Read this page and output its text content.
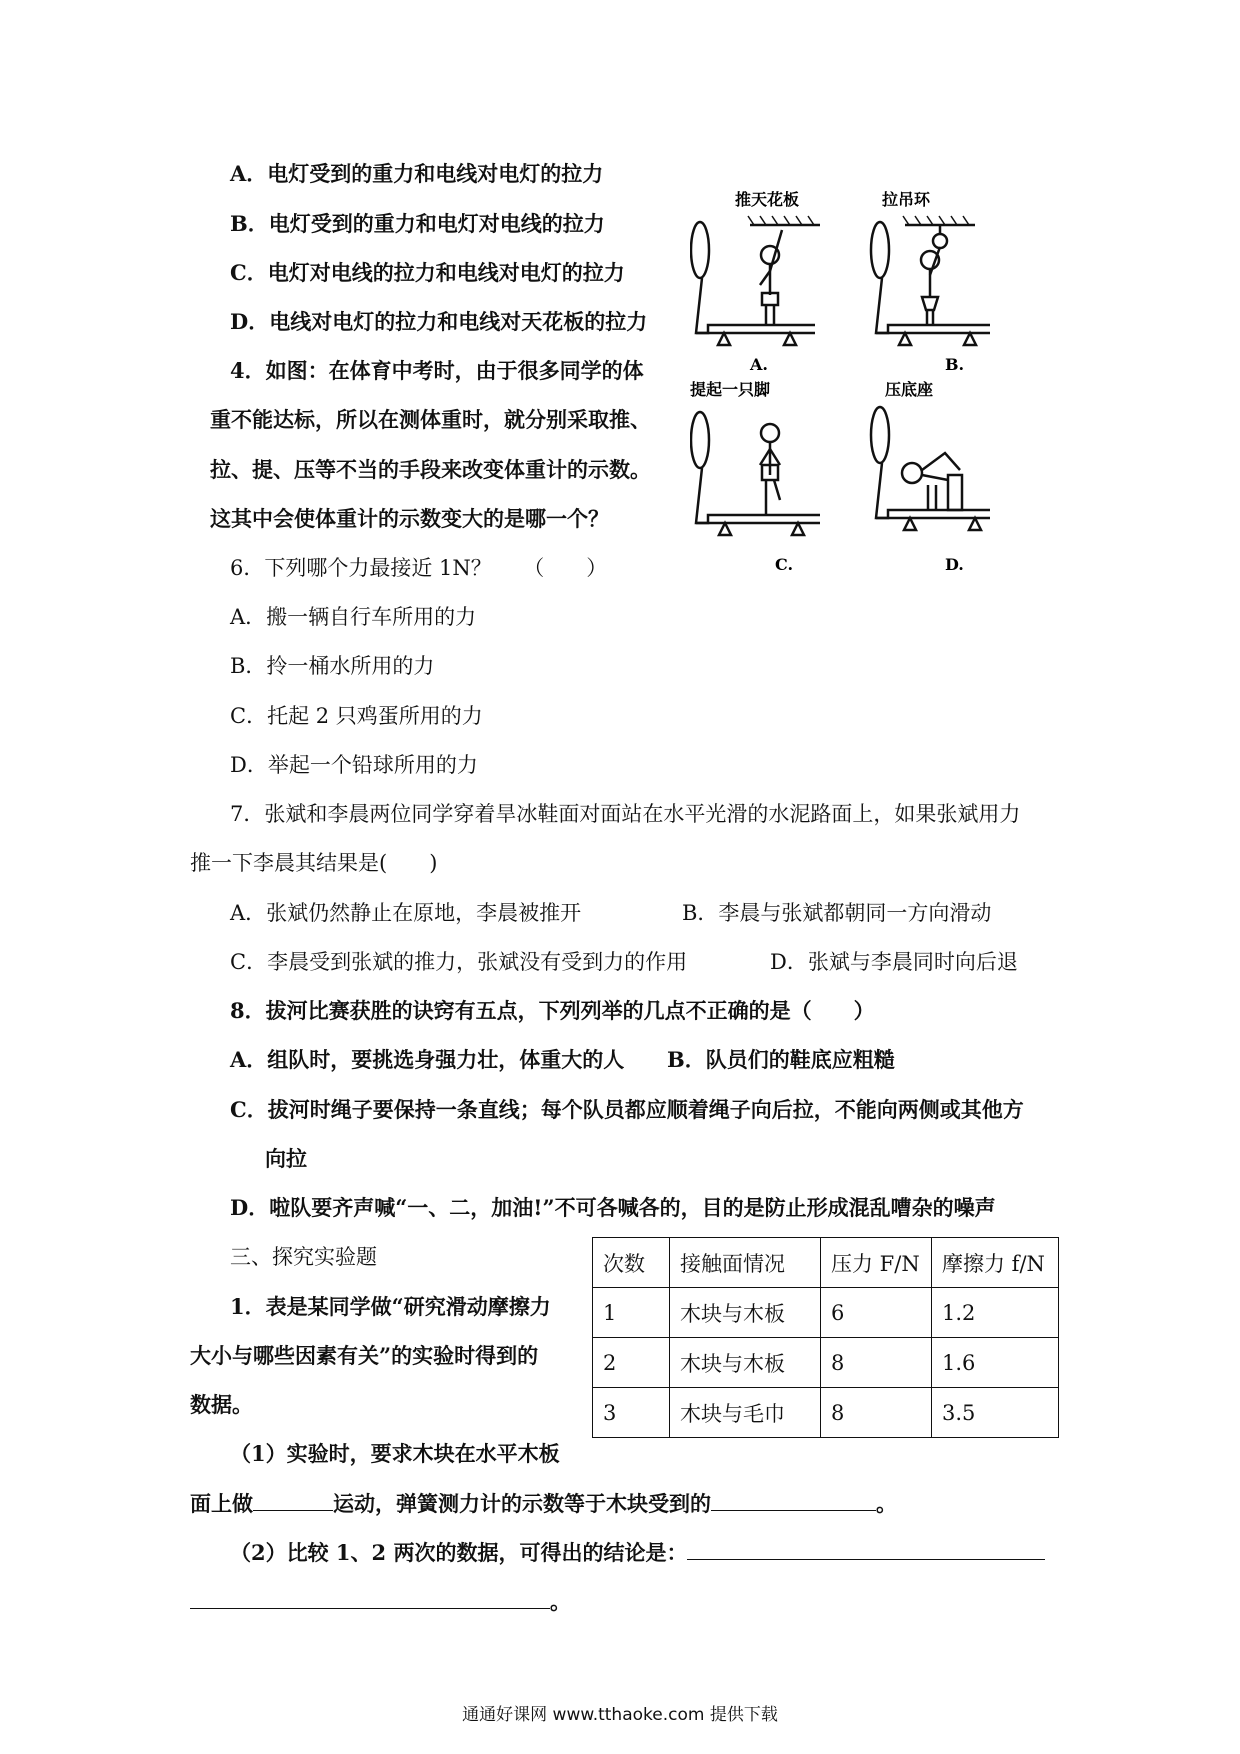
A．电灯受到的重力和电线对电灯的拉力
B．电灯受到的重力和电灯对电线的拉力
C．电灯对电线的拉力和电线对电灯的拉力
D．电线对电灯的拉力和电线对天花板的拉力
4．如图：在体育中考时，由于很多同学的体
重不能达标，所以在测体重时，就分别采取推、
拉、提、压等不当的手段来改变体重计的示数。
这其中会使体重计的示数变大的是哪一个？
推天花板	拉吊环
A.	B.
提起一只脚	压底座
C.	D.
6．下列哪个力最接近 1N？　　（　　）
A．搬一辆自行车所用的力
B．拎一桶水所用的力
C．托起 2 只鸡蛋所用的力
D．举起一个铅球所用的力
7．张斌和李晨两位同学穿着旱冰鞋面对面站在水平光滑的水泥路面上，如果张斌用力
推一下李晨其结果是(　　)
A．张斌仍然静止在原地，李晨被推开	B．李晨与张斌都朝同一方向滑动
C．李晨受到张斌的推力，张斌没有受到力的作用	D．张斌与李晨同时向后退
8．拔河比赛获胜的诀窍有五点，下列列举的几点不正确的是（　　）
A．组队时，要挑选身强力壮，体重大的人 B．队员们的鞋底应粗糙
C．拔河时绳子要保持一条直线；每个队员都应顺着绳子向后拉，不能向两侧或其他方
向拉
D．啦队要齐声喊“一、二，加油!”不可各喊各的，目的是防止形成混乱嘈杂的噪声
三、探究实验题
1．表是某同学做“研究滑动摩擦力
大小与哪些因素有关”的实验时得到的
数据。
（1）实验时，要求木块在水平木板
面上做	运动，弹簧测力计的示数等于木块受到的	。
（2）比较 1、2 两次的数据，可得出的结论是：
。
次数	接触面情况	压力 F/N	摩擦力 f/N
1	木块与木板	6	1.2
2	木块与木板	8	1.6
3	木块与毛巾	8	3.5
通通好课网 www.tthaoke.com 提供下载
